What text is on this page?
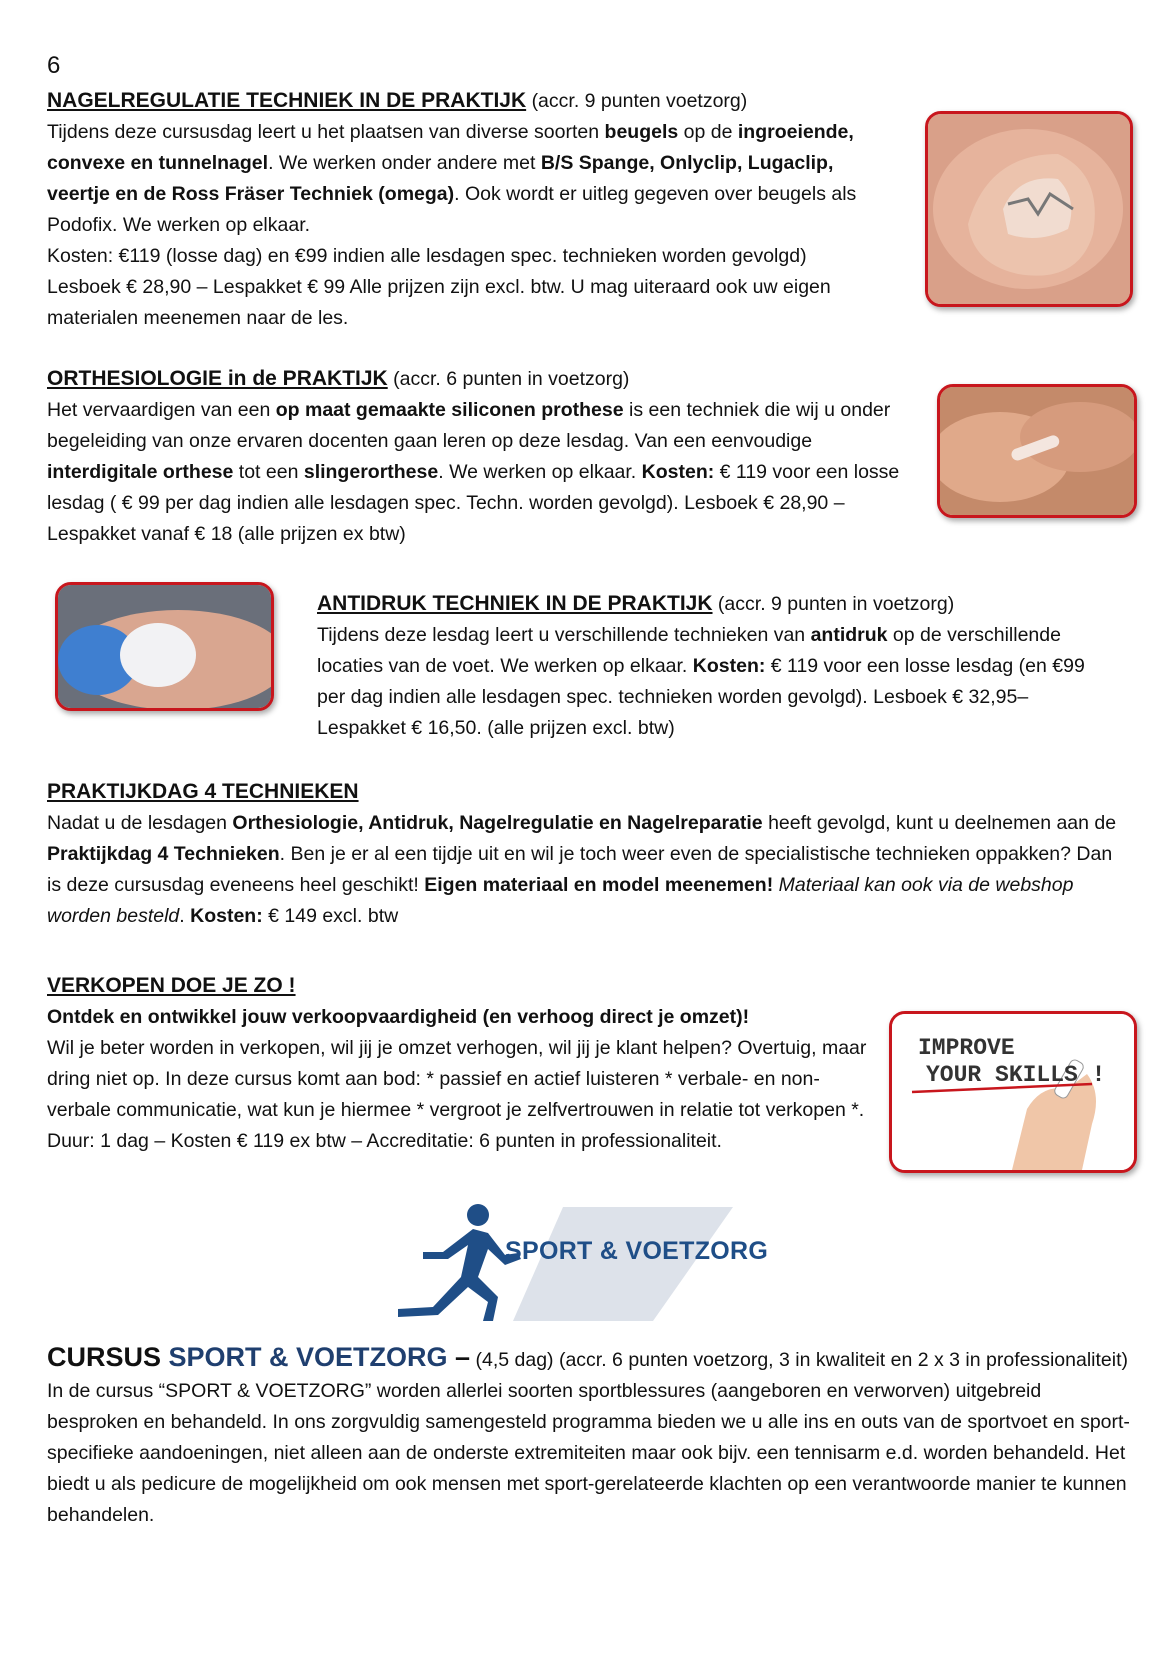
6

NAGELREGULATIE TECHNIEK IN DE PRAKTIJK (accr. 9 punten voetzorg)

Tijdens deze cursusdag leert u het plaatsen van diverse soorten beugels op de ingroeiende, convexe en tunnelnagel. We werken onder andere met B/S Spange, Onlyclip, Lugaclip, veertje en de Ross Fräser Techniek (omega). Ook wordt er uitleg gegeven over beugels als Podofix. We werken op elkaar.

Kosten: €119 (losse dag) en €99 indien alle lesdagen spec. technieken worden gevolgd) Lesboek € 28,90 – Lespakket € 99 Alle prijzen zijn excl. btw. U mag uiteraard ook uw eigen materialen meenemen naar de les.

ORTHESIOLOGIE in de PRAKTIJK (accr. 6 punten in voetzorg)

Het vervaardigen van een op maat gemaakte siliconen prothese is een techniek die wij u onder begeleiding van onze ervaren docenten gaan leren op deze lesdag. Van een eenvoudige interdigitale orthese tot een slingerorthese. We werken op elkaar. Kosten: € 119 voor een losse lesdag ( € 99 per dag indien alle lesdagen spec. Techn. worden gevolgd). Lesboek € 28,90 – Lespakket vanaf € 18 (alle prijzen ex btw)

ANTIDRUK TECHNIEK IN DE PRAKTIJK (accr. 9 punten in voetzorg)

Tijdens deze lesdag leert u verschillende technieken van antidruk op de verschillende locaties van de voet. We werken op elkaar. Kosten: € 119 voor een losse lesdag (en €99 per dag indien alle lesdagen spec. technieken worden gevolgd). Lesboek € 32,95– Lespakket € 16,50. (alle prijzen excl. btw)

PRAKTIJKDAG 4 TECHNIEKEN

Nadat u de lesdagen Orthesiologie, Antidruk, Nagelregulatie en Nagelreparatie heeft gevolgd, kunt u deelnemen aan de Praktijkdag 4 Technieken. Ben je er al een tijdje uit en wil je toch weer even de specialistische technieken oppakken? Dan is deze cursusdag eveneens heel geschikt! Eigen materiaal en model meenemen! Materiaal kan ook via de webshop worden besteld. Kosten: € 149 excl. btw

VERKOPEN DOE JE ZO !

Ontdek en ontwikkel jouw verkoopvaardigheid (en verhoog direct je omzet)!

Wil je beter worden in verkopen, wil jij je omzet verhogen, wil jij je klant helpen? Overtuig, maar dring niet op. In deze cursus komt aan bod: * passief en actief luisteren * verbale- en non-verbale communicatie, wat kun je hiermee * vergroot je zelfvertrouwen in relatie tot verkopen *.

Duur: 1 dag – Kosten € 119 ex btw – Accreditatie: 6 punten in professionaliteit.

IMPROVE
YOUR SKILLS !
SPORT & VOETZORG

CURSUS SPORT & VOETZORG – (4,5 dag) (accr. 6 punten voetzorg, 3 in kwaliteit en 2 x 3 in professionaliteit)

In de cursus “SPORT & VOETZORG” worden allerlei soorten sportblessures (aangeboren en verworven) uitgebreid besproken en behandeld. In ons zorgvuldig samengesteld programma bieden we u alle ins en outs van de sportvoet en sport-specifieke aandoeningen, niet alleen aan de onderste extremiteiten maar ook bijv. een tennisarm e.d. worden behandeld. Het biedt u als pedicure de mogelijkheid om ook mensen met sport-gerelateerde klachten op een verantwoorde manier te kunnen behandelen.
